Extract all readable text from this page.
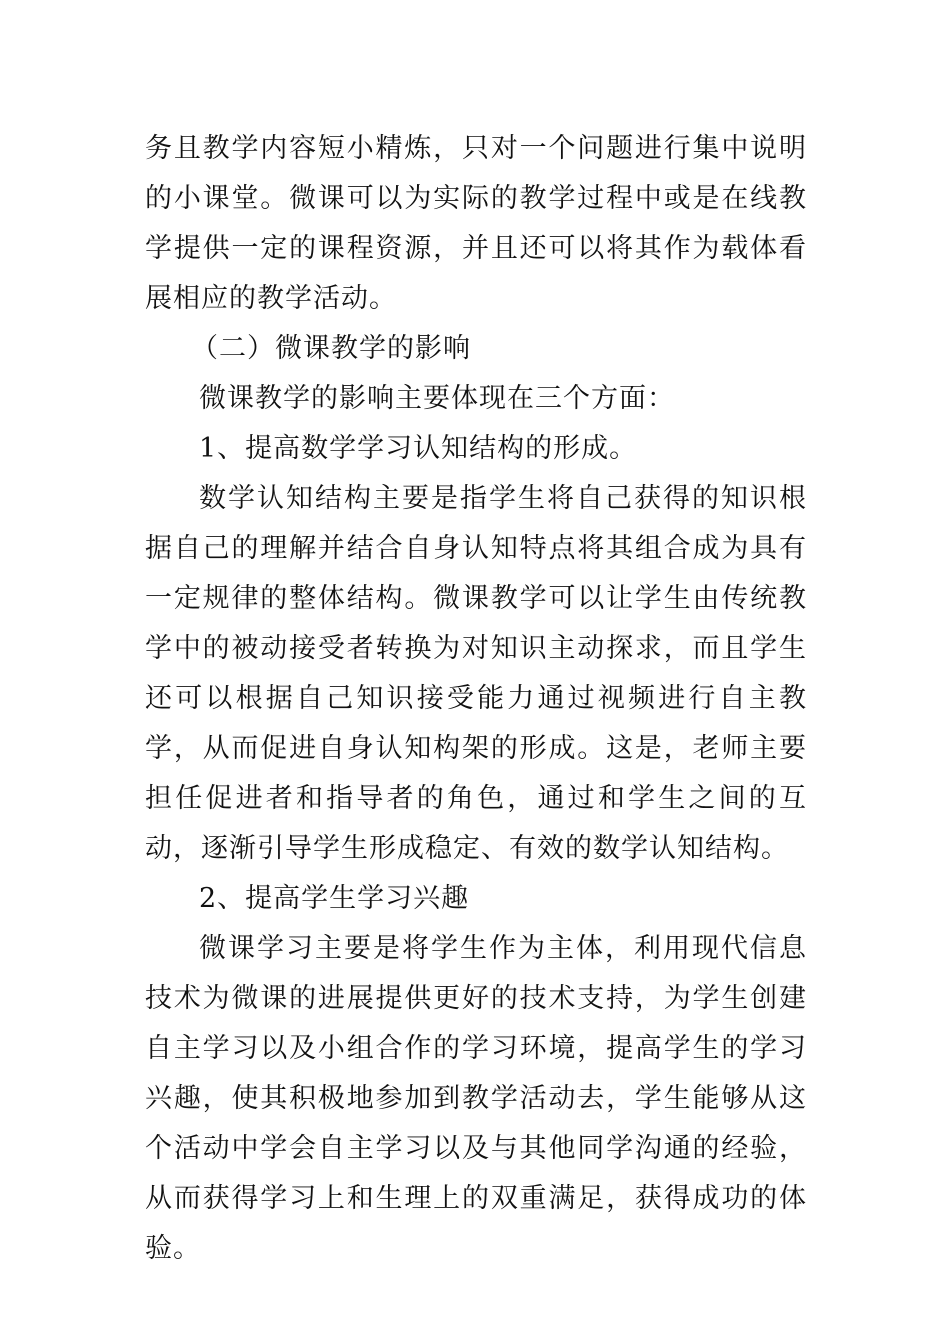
务且教学内容短小精炼，只对一个问题进行集中说明的小课堂。微课可以为实际的教学过程中或是在线教学提供一定的课程资源，并且还可以将其作为载体看展相应的教学活动。

（二）微课教学的影响

微课教学的影响主要体现在三个方面：

1、提高数学学习认知结构的形成。

数学认知结构主要是指学生将自己获得的知识根据自己的理解并结合自身认知特点将其组合成为具有一定规律的整体结构。微课教学可以让学生由传统教学中的被动接受者转换为对知识主动探求，而且学生还可以根据自己知识接受能力通过视频进行自主教学，从而促进自身认知构架的形成。这是，老师主要担任促进者和指导者的角色，通过和学生之间的互动，逐渐引导学生形成稳定、有效的数学认知结构。

2、提高学生学习兴趣

微课学习主要是将学生作为主体，利用现代信息技术为微课的进展提供更好的技术支持，为学生创建自主学习以及小组合作的学习环境，提高学生的学习兴趣，使其积极地参加到教学活动去，学生能够从这个活动中学会自主学习以及与其他同学沟通的经验，从而获得学习上和生理上的双重满足，获得成功的体验。
